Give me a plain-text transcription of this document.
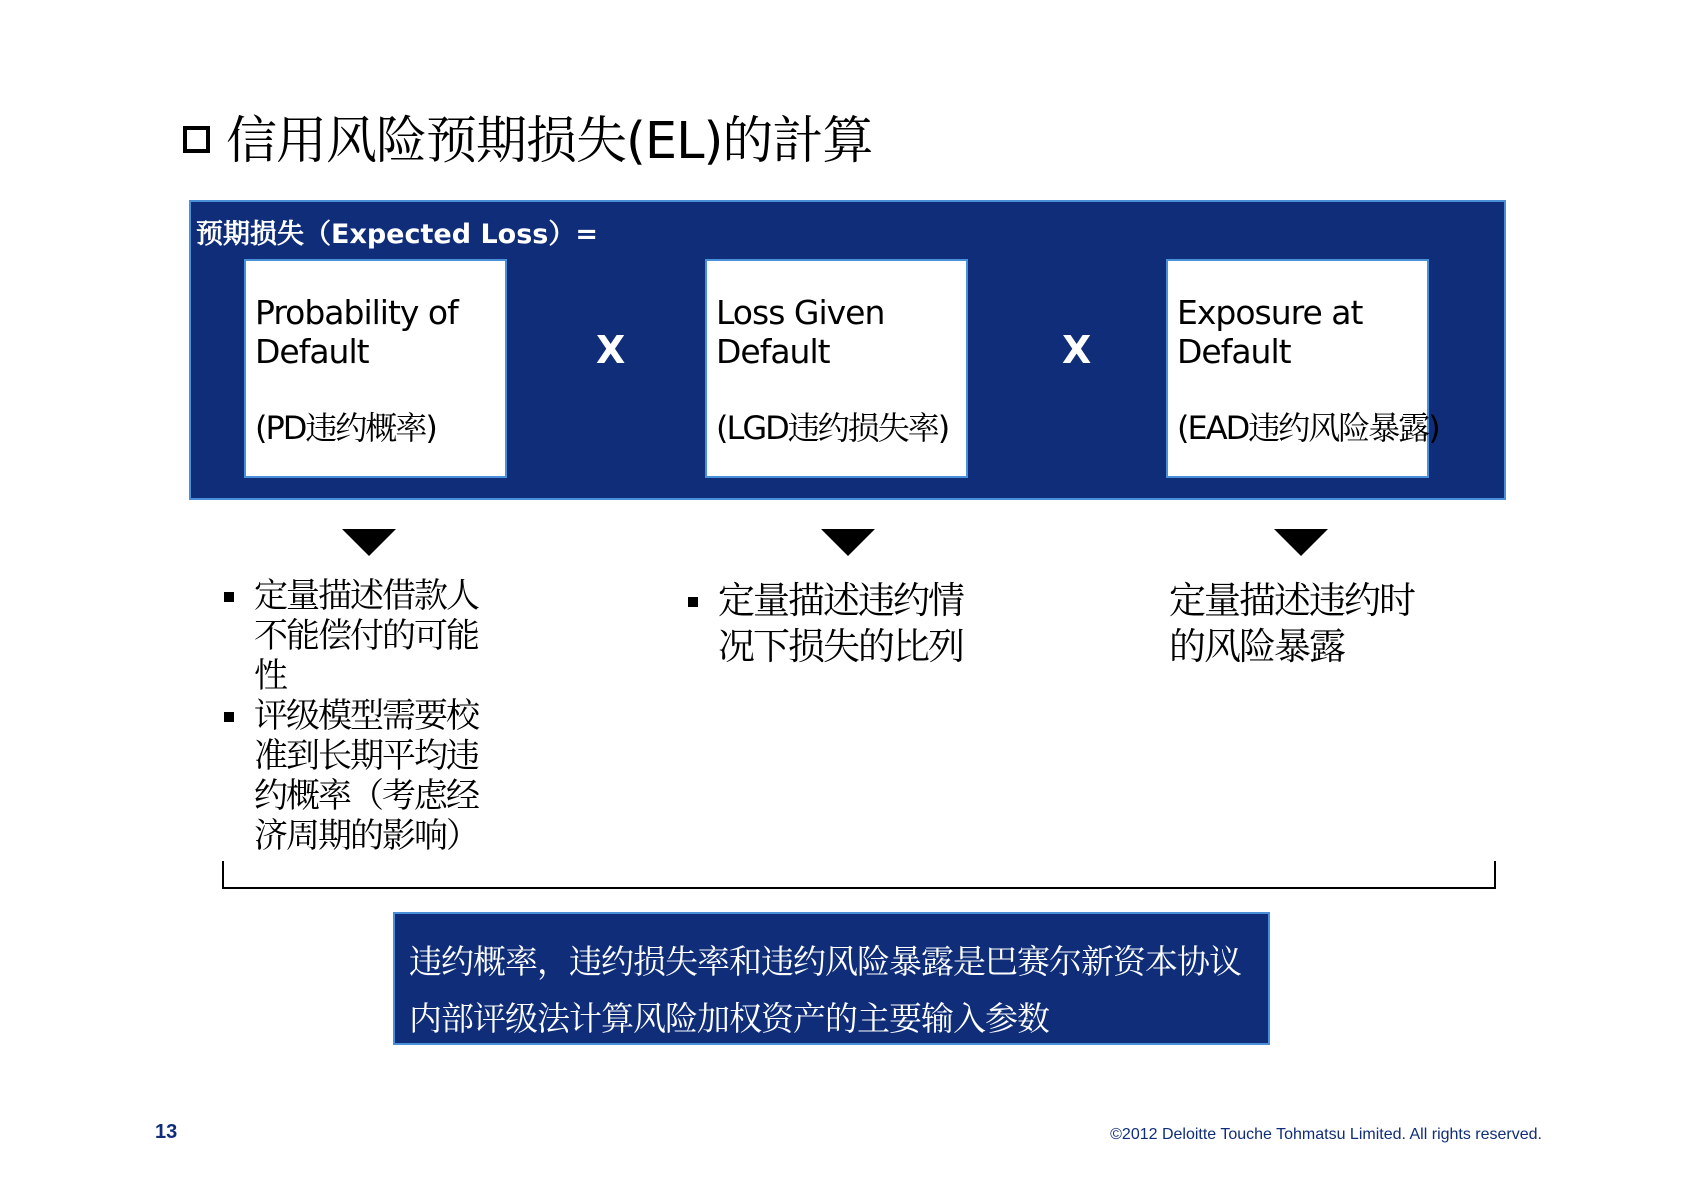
信用风险预期损失(EL)的計算
预期损失（Expected Loss）=
Probability of Default
(PD违约概率)
X
Loss Given Default
(LGD违约损失率)
X
Exposure at Default
(EAD违约风险暴露)
定量描述借款人不能偿付的可能性
评级模型需要校准到长期平均违约概率（考虑经济周期的影响）
定量描述违约情况下损失的比列
定量描述违约时的风险暴露
违约概率，违约损失率和违约风险暴露是巴赛尔新资本协议内部评级法计算风险加权资产的主要输入参数
13	©2012 Deloitte Touche Tohmatsu Limited. All rights reserved.
